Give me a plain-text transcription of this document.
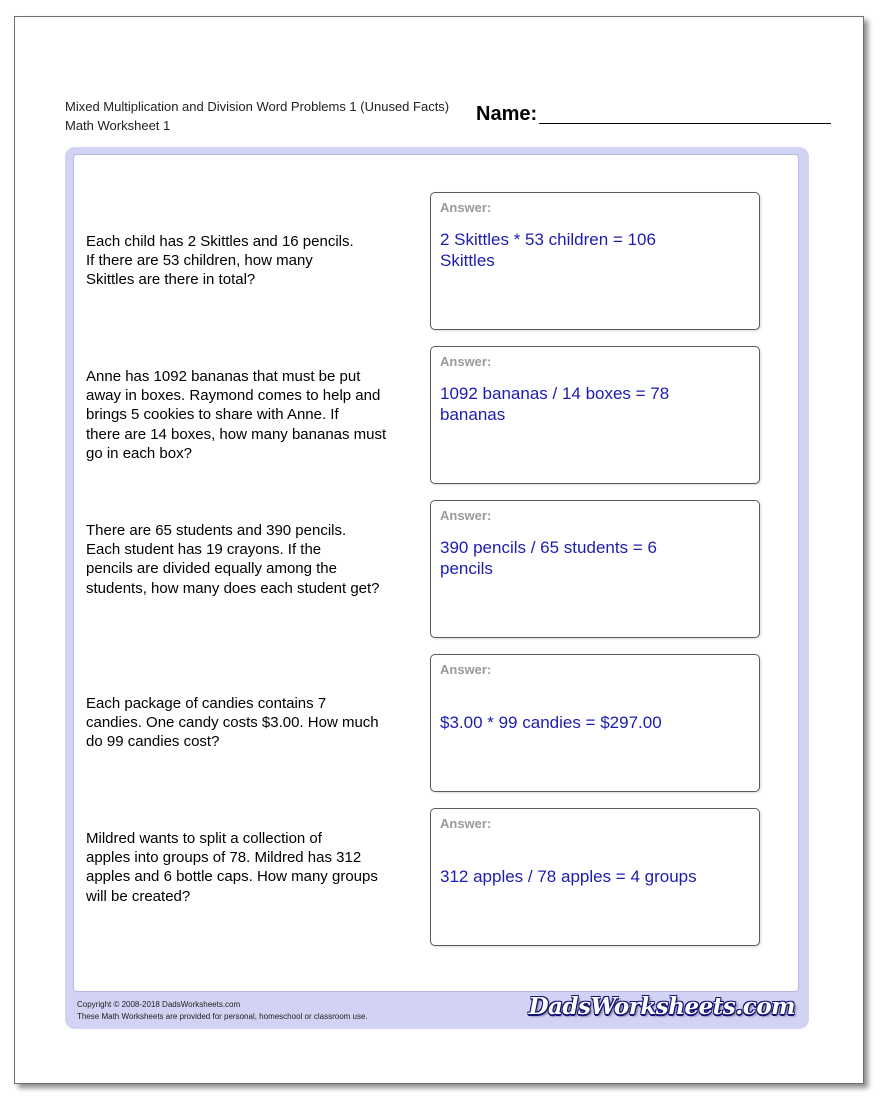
Mixed Multiplication and Division Word Problems 1 (Unused Facts)
Math Worksheet 1
Name:
Each child has 2 Skittles and 16 pencils.
If there are 53 children, how many
Skittles are there in total?
Answer:
2 Skittles * 53 children = 106
Skittles
Anne has 1092 bananas that must be put
away in boxes. Raymond comes to help and
brings 5 cookies to share with Anne. If
there are 14 boxes, how many bananas must
go in each box?
Answer:
1092 bananas / 14 boxes = 78
bananas
There are 65 students and 390 pencils.
Each student has 19 crayons. If the
pencils are divided equally among the
students, how many does each student get?
Answer:
390 pencils / 65 students = 6
pencils
Each package of candies contains 7
candies. One candy costs $3.00. How much
do 99 candies cost?
Answer:
$3.00 * 99 candies = $297.00
Mildred wants to split a collection of
apples into groups of 78. Mildred has 312
apples and 6 bottle caps. How many groups
will be created?
Answer:
312 apples / 78 apples = 4 groups
Copyright © 2008-2018 DadsWorksheets.com
These Math Worksheets are provided for personal, homeschool or classroom use.	DadsWorksheets.com
